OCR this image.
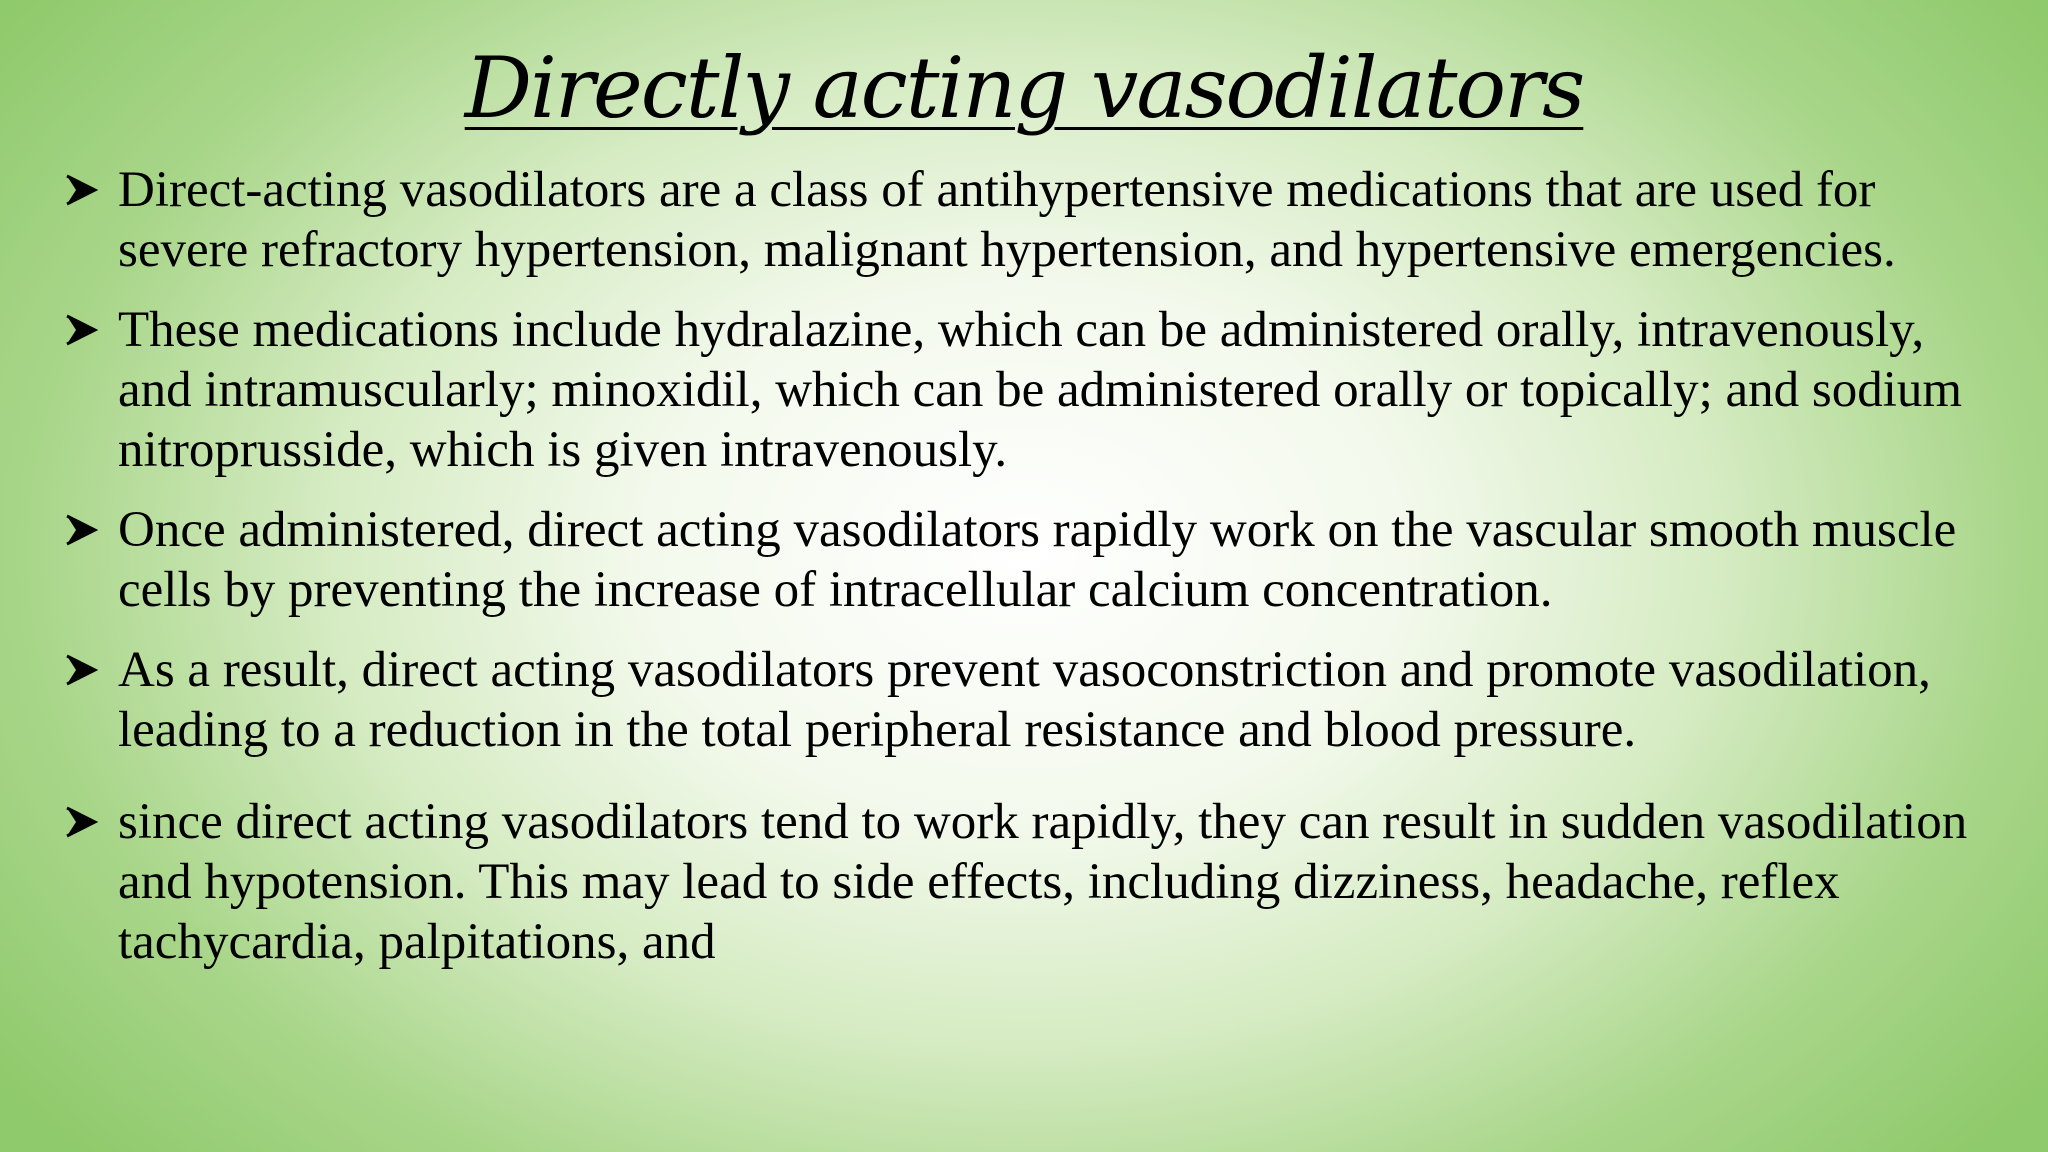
Directly acting vasodilators
Direct-acting vasodilators are a class of antihypertensive medications that are used for severe refractory hypertension, malignant hypertension, and hypertensive emergencies.
These medications include hydralazine, which can be administered orally, intravenously, and intramuscularly; minoxidil, which can be administered orally or topically; and sodium nitroprusside, which is given intravenously.
Once administered, direct acting vasodilators rapidly work on the vascular smooth muscle cells by preventing the increase of intracellular calcium concentration.
As a result, direct acting vasodilators prevent vasoconstriction and promote vasodilation, leading to a reduction in the total peripheral resistance and blood pressure.
since direct acting vasodilators tend to work rapidly, they can result in sudden vasodilation and hypotension. This may lead to side effects, including dizziness, headache, reflex tachycardia, palpitations, and
